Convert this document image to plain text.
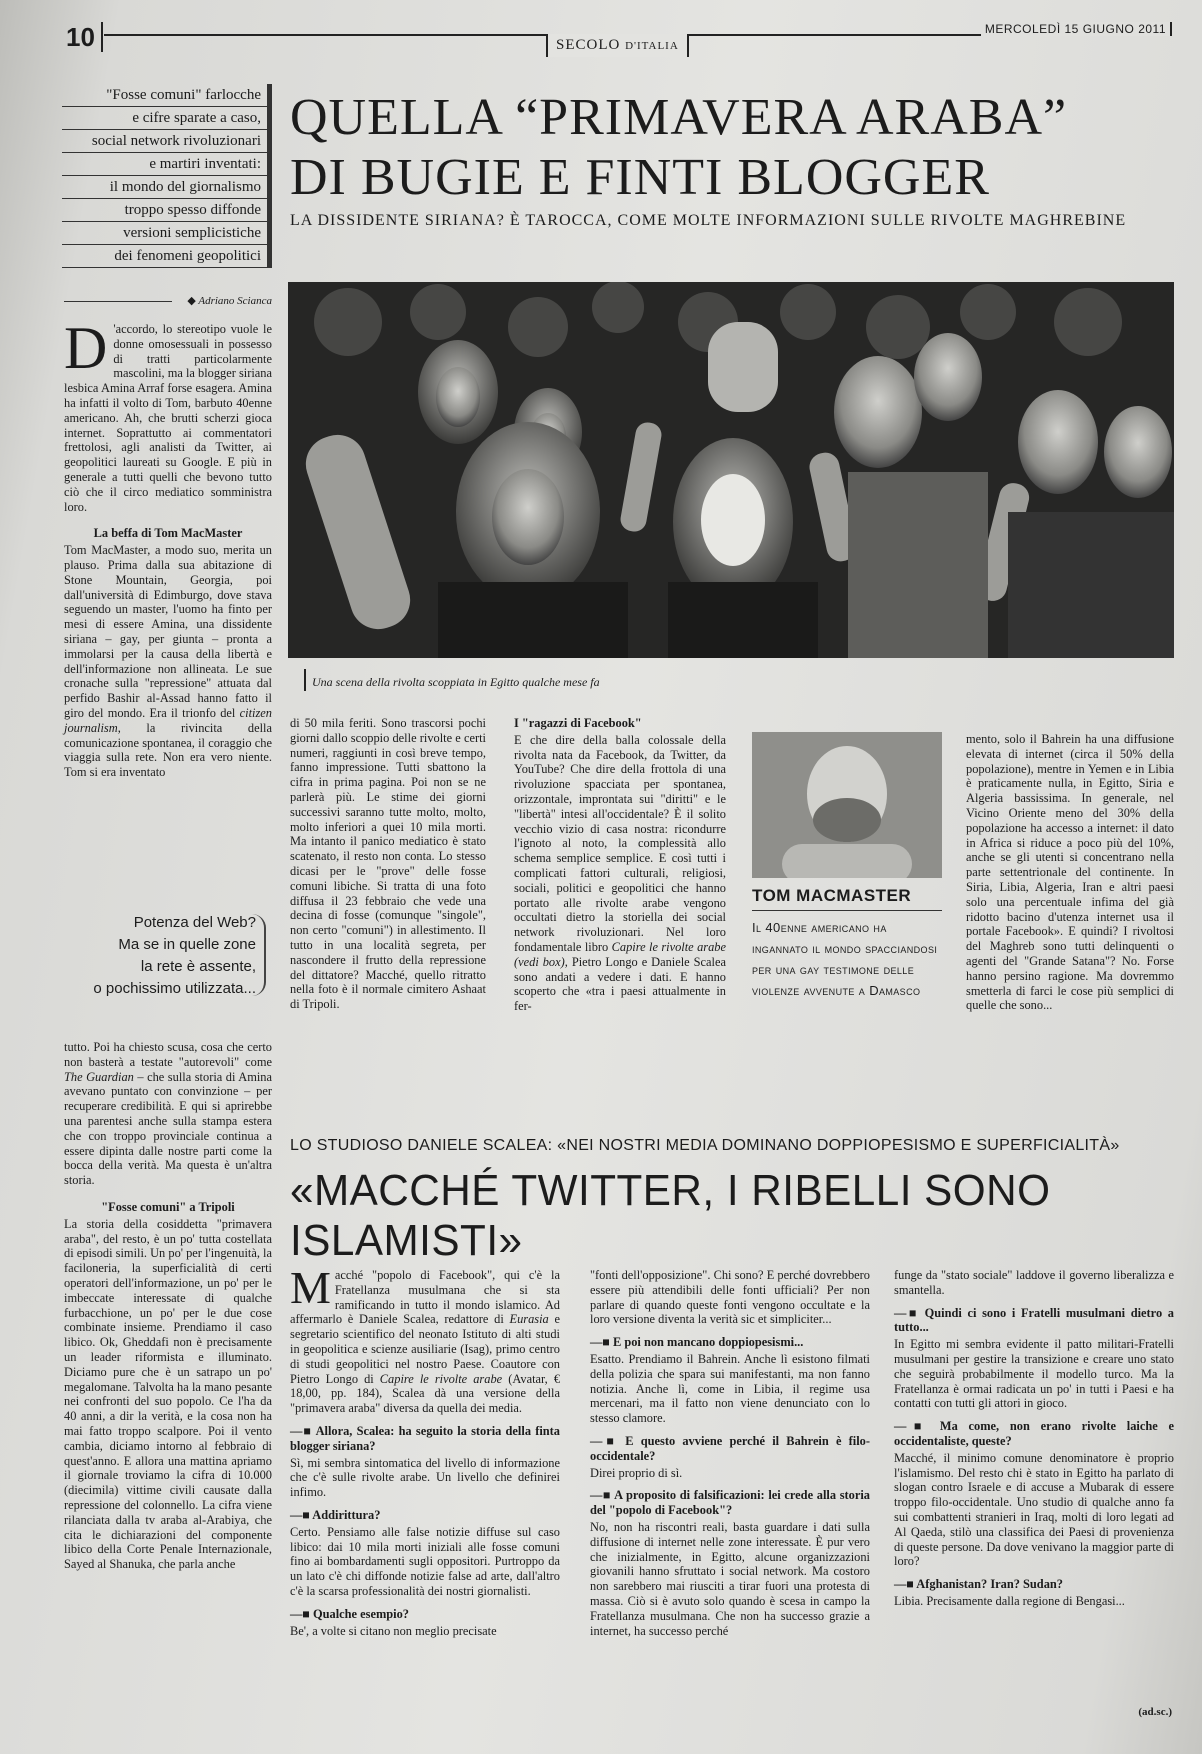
10	SECOLO D'ITALIA
MERCOLEDÌ 15 GIUGNO 2011
"Fosse comuni" farlocche
e cifre sparate a caso,
social network rivoluzionari
e martiri inventati:
il mondo del giornalismo
troppo spesso diffonde
versioni semplicistiche
dei fenomeni geopolitici
QUELLA “PRIMAVERA ARABA”
DI BUGIE E FINTI BLOGGER
LA DISSIDENTE SIRIANA? È TAROCCA, COME MOLTE INFORMAZIONI SULLE RIVOLTE MAGHREBINE
◆ Adriano Scianca
Una scena della rivolta scoppiata in Egitto qualche mese fa

D 'accordo, lo stereotipo vuole le donne omosessuali in possesso di tratti particolarmente mascolini, ma la blogger siriana lesbica Amina Arraf forse esagera. Amina ha infatti il volto di Tom, barbuto 40enne americano. Ah, che brutti scherzi gioca internet. Soprattutto ai commentatori frettolosi, agli analisti da Twitter, ai geopolitici laureati su Google. E più in generale a tutti quelli che bevono tutto ciò che il circo mediatico somministra loro.

La beffa di Tom MacMaster

Tom MacMaster, a modo suo, merita un plauso. Prima dalla sua abitazione di Stone Mountain, Georgia, poi dall'università di Edimburgo, dove stava seguendo un master, l'uomo ha finto per mesi di essere Amina, una dissidente siriana – gay, per giunta – pronta a immolarsi per la causa della libertà e dell'informazione non allineata. Le sue cronache sulla "repressione" attuata dal perfido Bashir al-Assad hanno fatto il giro del mondo. Era il trionfo del citizen journalism, la rivincita della comunicazione spontanea, il coraggio che viaggia sulla rete. Non era vero niente. Tom si era inventato

Potenza del Web?
Ma se in quelle zone
la rete è assente,
o pochissimo utilizzata...

tutto. Poi ha chiesto scusa, cosa che certo non basterà a testate "autorevoli" come The Guardian – che sulla storia di Amina avevano puntato con convinzione – per recuperare credibilità. E qui si aprirebbe una parentesi anche sulla stampa estera che con troppo provinciale continua a essere dipinta dalle nostre parti come la bocca della verità. Ma questa è un'altra storia.

"Fosse comuni" a Tripoli

La storia della cosiddetta "primavera araba", del resto, è un po' tutta costellata di episodi simili. Un po' per l'ingenuità, la faciloneria, la superficialità di certi operatori dell'informazione, un po' per le imbeccate interessate di qualche furbacchione, un po' per le due cose combinate insieme. Prendiamo il caso libico. Ok, Gheddafi non è precisamente un leader riformista e illuminato. Diciamo pure che è un satrapo un po' megalomane. Talvolta ha la mano pesante nei confronti del suo popolo. Ce l'ha da 40 anni, a dir la verità, e la cosa non ha mai fatto troppo scalpore. Poi il vento cambia, diciamo intorno al febbraio di quest'anno. E allora una mattina apriamo il giornale troviamo la cifra di 10.000 (diecimila) vittime civili causate dalla repressione del colonnello. La cifra viene rilanciata dalla tv araba al-Arabiya, che cita le dichiarazioni del componente libico della Corte Penale Internazionale, Sayed al Shanuka, che parla anche

di 50 mila feriti. Sono trascorsi pochi giorni dallo scoppio delle rivolte e certi numeri, raggiunti in così breve tempo, fanno impressione. Tutti sbattono la cifra in prima pagina. Poi non se ne parlerà più. Le stime dei giorni successivi saranno tutte molto, molto, molto inferiori a quei 10 mila morti. Ma intanto il panico mediatico è stato scatenato, il resto non conta. Lo stesso dicasi per le "prove" delle fosse comuni libiche. Si tratta di una foto diffusa il 23 febbraio che vede una decina di fosse (comunque "singole", non certo "comuni") in allestimento. Il tutto in una località segreta, per nascondere il frutto della repressione del dittatore? Macché, quello ritratto nella foto è il normale cimitero Ashaat di Tripoli.

I "ragazzi di Facebook"

E che dire della balla colossale della rivolta nata da Facebook, da Twitter, da YouTube? Che dire della frottola di una rivoluzione spacciata per spontanea, orizzontale, improntata sui "diritti" e le "libertà" intesi all'occidentale? È il solito vecchio vizio di casa nostra: ricondurre l'ignoto al noto, la complessità allo schema semplice semplice. E così tutti i complicati fattori culturali, religiosi, sociali, politici e geopolitici che hanno portato alle rivolte arabe vengono occultati dietro la storiella dei social network rivoluzionari. Nel loro fondamentale libro Capire le rivolte arabe (vedi box), Pietro Longo e Daniele Scalea sono andati a vedere i dati. E hanno scoperto che «tra i paesi attualmente in fer-

TOM MACMASTER
Il 40enne americano ha ingannato il mondo spacciandosi per una gay testimone delle violenze avvenute a Damasco

mento, solo il Bahrein ha una diffusione elevata di internet (circa il 50% della popolazione), mentre in Yemen e in Libia è praticamente nulla, in Egitto, Siria e Algeria bassissima. In generale, nel Vicino Oriente meno del 30% della popolazione ha accesso a internet: il dato in Africa si riduce a poco più del 10%, anche se gli utenti si concentrano nella parte settentrionale del continente. In Siria, Libia, Algeria, Iran e altri paesi solo una percentuale infima del già ridotto bacino d'utenza internet usa il portale Facebook». E quindi? I rivoltosi del Maghreb sono tutti delinquenti o agenti del "Grande Satana"? No. Forse hanno persino ragione. Ma dovremmo smetterla di farci le cose più semplici di quelle che sono...

LO STUDIOSO DANIELE SCALEA: «NEI NOSTRI MEDIA DOMINANO DOPPIOPESISMO E SUPERFICIALITÀ»
«MACCHÉ TWITTER, I RIBELLI SONO ISLAMISTI»

Macché "popolo di Facebook", qui c'è la Fratellanza musulmana che si sta ramificando in tutto il mondo islamico. Ad affermarlo è Daniele Scalea, redattore di Eurasia e segretario scientifico del neonato Istituto di alti studi in geopolitica e scienze ausiliarie (Isag), primo centro di studi geopolitici nel nostro Paese. Coautore con Pietro Longo di Capire le rivolte arabe (Avatar, € 18,00, pp. 184), Scalea dà una versione della "primavera araba" diversa da quella dei media.

—■ Allora, Scalea: ha seguito la storia della finta blogger siriana?

Sì, mi sembra sintomatica del livello di informazione che c'è sulle rivolte arabe. Un livello che definirei infimo.

—■ Addirittura?

Certo. Pensiamo alle false notizie diffuse sul caso libico: dai 10 mila morti iniziali alle fosse comuni fino ai bombardamenti sugli oppositori. Purtroppo da un lato c'è chi diffonde notizie false ad arte, dall'altro c'è la scarsa professionalità dei nostri giornalisti.

—■ Qualche esempio?

Be', a volte si citano non meglio precisate

"fonti dell'opposizione". Chi sono? E perché dovrebbero essere più attendibili delle fonti ufficiali? Per non parlare di quando queste fonti vengono occultate e la loro versione diventa la verità sic et simpliciter...

—■ E poi non mancano doppiopesismi...

Esatto. Prendiamo il Bahrein. Anche lì esistono filmati della polizia che spara sui manifestanti, ma non fanno notizia. Anche lì, come in Libia, il regime usa mercenari, ma il fatto non viene denunciato con lo stesso clamore.

—■ E questo avviene perché il Bahrein è filo-occidentale?

Direi proprio di sì.

—■ A proposito di falsificazioni: lei crede alla storia del "popolo di Facebook"?

No, non ha riscontri reali, basta guardare i dati sulla diffusione di internet nelle zone interessate. È pur vero che inizialmente, in Egitto, alcune organizzazioni giovanili hanno sfruttato i social network. Ma costoro non sarebbero mai riusciti a tirar fuori una protesta di massa. Ciò si è avuto solo quando è scesa in campo la Fratellanza musulmana. Che non ha successo grazie a internet, ha successo perché

funge da "stato sociale" laddove il governo liberalizza e smantella.

—■ Quindi ci sono i Fratelli musulmani dietro a tutto...

In Egitto mi sembra evidente il patto militari-Fratelli musulmani per gestire la transizione e creare uno stato che seguirà probabilmente il modello turco. Ma la Fratellanza è ormai radicata un po' in tutti i Paesi e ha contatti con tutti gli attori in gioco.

—■ Ma come, non erano rivolte laiche e occidentaliste, queste?

Macché, il minimo comune denominatore è proprio l'islamismo. Del resto chi è stato in Egitto ha parlato di slogan contro Israele e di accuse a Mubarak di essere troppo filo-occidentale. Uno studio di qualche anno fa sui combattenti stranieri in Iraq, molti di loro legati ad Al Qaeda, stilò una classifica dei Paesi di provenienza di queste persone. Da dove venivano la maggior parte di loro?

—■ Afghanistan? Iran? Sudan?

Libia. Precisamente dalla regione di Bengasi...

(ad.sc.)
